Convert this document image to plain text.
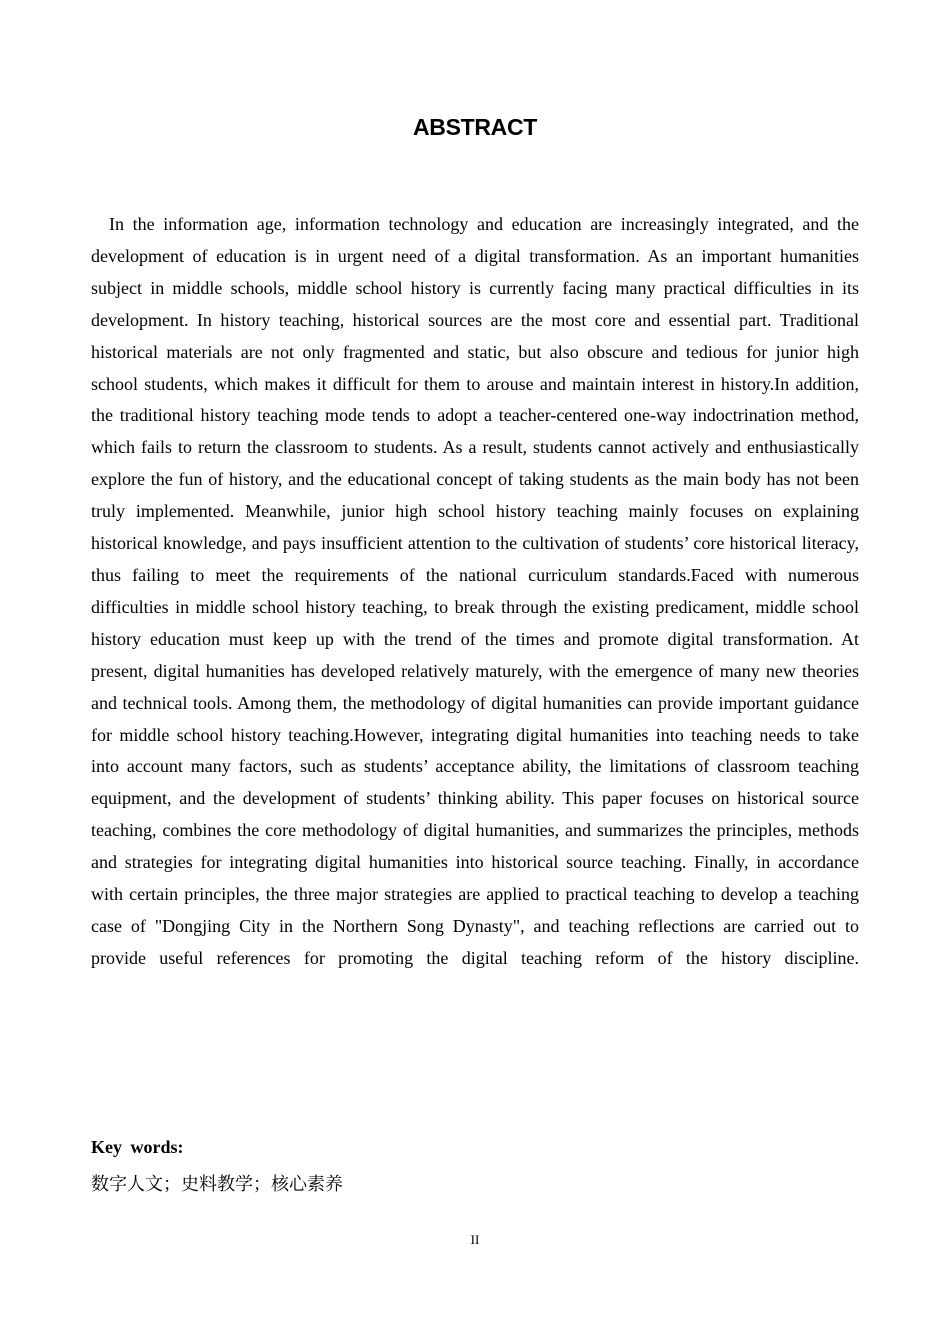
ABSTRACT

In the information age, information technology and education are increasingly integrated, and the development of education is in urgent need of a digital transformation. As an important humanities subject in middle schools, middle school history is currently facing many practical difficulties in its development. In history teaching, historical sources are the most core and essential part. Traditional historical materials are not only fragmented and static, but also obscure and tedious for junior high school students, which makes it difficult for them to arouse and maintain interest in history.In addition, the traditional history teaching mode tends to adopt a teacher-centered one-way indoctrination method, which fails to return the classroom to students. As a result, students cannot actively and enthusiastically explore the fun of history, and the educational concept of taking students as the main body has not been truly implemented. Meanwhile, junior high school history teaching mainly focuses on explaining historical knowledge, and pays insufficient attention to the cultivation of students’ core historical literacy, thus failing to meet the requirements of the national curriculum standards.Faced with numerous difficulties in middle school history teaching, to break through the existing predicament, middle school history education must keep up with the trend of the times and promote digital transformation. At present, digital humanities has developed relatively maturely, with the emergence of many new theories and technical tools. Among them, the methodology of digital humanities can provide important guidance for middle school history teaching.However, integrating digital humanities into teaching needs to take into account many factors, such as students’ acceptance ability, the limitations of classroom teaching equipment, and the development of students’ thinking ability. This paper focuses on historical source teaching, combines the core methodology of digital humanities, and summarizes the principles, methods and strategies for integrating digital humanities into historical source teaching. Finally, in accordance with certain principles, the three major strategies are applied to practical teaching to develop a teaching case of "Dongjing City in the Northern Song Dynasty", and teaching reflections are carried out to provide useful references for promoting the digital teaching reform of the history discipline.

Key words:

数字人文；史料教学；核心素养

II
